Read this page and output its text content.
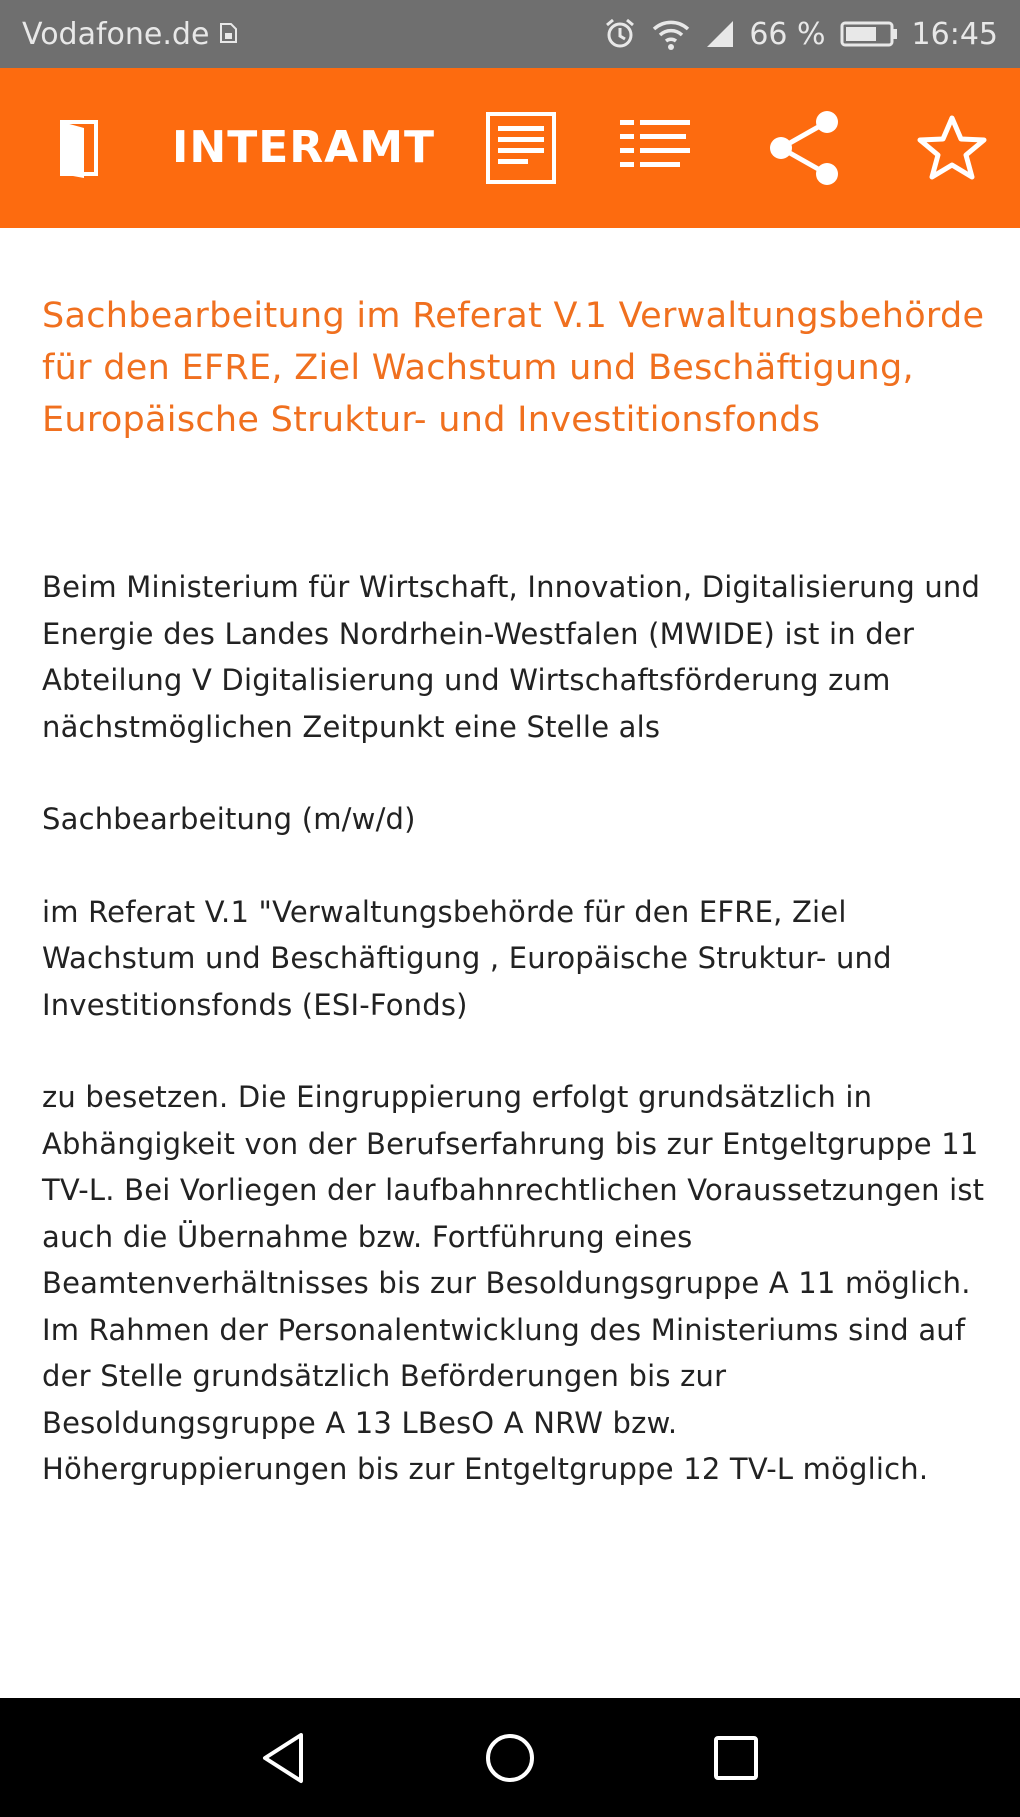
Vodafone.de	66 %	16:45
INTERAMT
Sachbearbeitung im Referat V.1 Verwaltungsbehörde für den EFRE, Ziel Wachstum und Beschäftigung, Europäische Struktur- und Investitionsfonds
Beim Ministerium für Wirtschaft, Innovation, Digitalisierung und Energie des Landes Nordrhein-Westfalen (MWIDE) ist in der Abteilung V Digitalisierung und Wirtschaftsförderung zum nächstmöglichen Zeitpunkt eine Stelle als
Sachbearbeitung (m/w/d)
im Referat V.1 "Verwaltungsbehörde für den EFRE, Ziel Wachstum und Beschäftigung , Europäische Struktur- und Investitionsfonds (ESI-Fonds)
zu besetzen. Die Eingruppierung erfolgt grundsätzlich in Abhängigkeit von der Berufserfahrung bis zur Entgeltgruppe 11 TV-L. Bei Vorliegen der laufbahnrechtlichen Voraussetzungen ist auch die Übernahme bzw. Fortführung eines Beamtenverhältnisses bis zur Besoldungsgruppe A 11 möglich. Im Rahmen der Personalentwicklung des Ministeriums sind auf der Stelle grundsätzlich Beförderungen bis zur Besoldungsgruppe A 13 LBesO A NRW bzw. Höhergruppierungen bis zur Entgeltgruppe 12 TV-L möglich.
